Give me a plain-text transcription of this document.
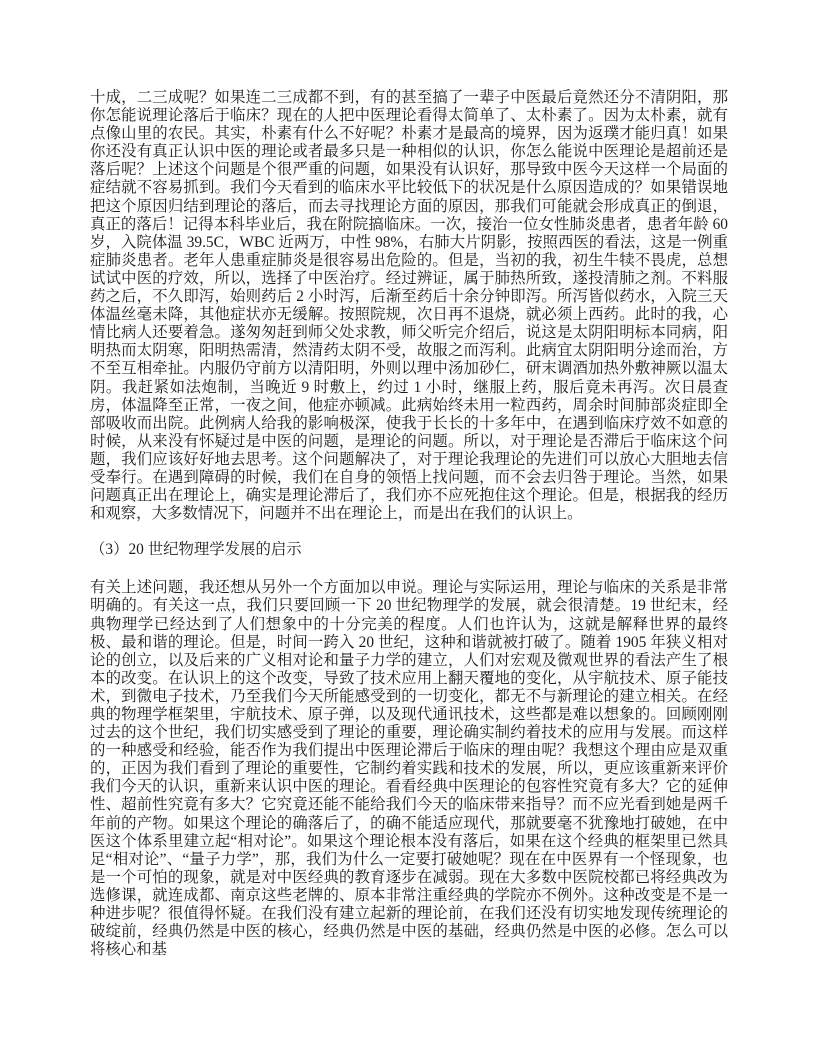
十成，二三成呢？如果连二三成都不到，有的甚至搞了一辈子中医最后竟然还分不清阴阳，那你怎能说理论落后于临床？现在的人把中医理论看得太简单了、太朴素了。因为太朴素，就有点像山里的农民。其实，朴素有什么不好呢？朴素才是最高的境界，因为返璞才能归真！如果你还没有真正认识中医的理论或者最多只是一种相似的认识，你怎么能说中医理论是超前还是落后呢？上述这个问题是个很严重的问题，如果没有认识好，那导致中医今天这样一个局面的症结就不容易抓到。我们今天看到的临床水平比较低下的状况是什么原因造成的？如果错误地把这个原因归结到理论的落后，而去寻找理论方面的原因，那我们可能就会形成真正的倒退，真正的落后！记得本科毕业后，我在附院搞临床。一次，接治一位女性肺炎患者，患者年龄 60 岁，入院体温 39.5C，WBC 近两万，中性 98%，右肺大片阴影，按照西医的看法，这是一例重症肺炎患者。老年人患重症肺炎是很容易出危险的。但是，当初的我，初生牛犊不畏虎，总想试试中医的疗效，所以，选择了中医治疗。经过辨证，属于肺热所致，遂投清肺之剂。不料服药之后，不久即泻，始则药后 2 小时泻，后渐至药后十余分钟即泻。所泻皆似药水，入院三天体温丝毫未降，其他症状亦无缓解。按照院规，次日再不退烧，就必须上西药。此时的我，心情比病人还要着急。遂匆匆赶到师父处求教，师父听完介绍后，说这是太阴阳明标本同病，阳明热而太阴寒，阳明热需清，然清药太阴不受，故服之而泻利。此病宜太阴阳明分途而治，方不至互相牵扯。内服仍守前方以清阳明，外则以理中汤加砂仁，研末调酒加热外敷神厥以温太阴。我赶紧如法炮制，当晚近 9 时敷上，约过 1 小时，继服上药，服后竟未再泻。次日晨查房，体温降至正常，一夜之间，他症亦顿减。此病始终未用一粒西药，周余时间肺部炎症即全部吸收而出院。此例病人给我的影响极深，使我于长长的十多年中，在遇到临床疗效不如意的时候，从来没有怀疑过是中医的问题，是理论的问题。所以，对于理论是否滞后于临床这个问题，我们应该好好地去思考。这个问题解决了，对于理论我理论的先进们可以放心大胆地去信受奉行。在遇到障碍的时候，我们在自身的领悟上找问题，而不会去归咎于理论。当然，如果问题真正出在理论上，确实是理论滞后了，我们亦不应死抱住这个理论。但是，根据我的经历和观察，大多数情况下，问题并不出在理论上，而是出在我们的认识上。

（3）20 世纪物理学发展的启示

有关上述问题，我还想从另外一个方面加以申说。理论与实际运用，理论与临床的关系是非常明确的。有关这一点，我们只要回顾一下 20 世纪物理学的发展，就会很清楚。19 世纪末，经典物理学已经达到了人们想象中的十分完美的程度。人们也许认为，这就是解释世界的最终极、最和谐的理论。但是，时间一跨入 20 世纪，这种和谐就被打破了。随着 1905 年狭义相对论的创立，以及后来的广义相对论和量子力学的建立，人们对宏观及微观世界的看法产生了根本的改变。在认识上的这个改变，导致了技术应用上翻天覆地的变化，从宇航技术、原子能技术，到微电子技术，乃至我们今天所能感受到的一切变化，都无不与新理论的建立相关。在经典的物理学框架里，宇航技术、原子弹，以及现代通讯技术，这些都是难以想象的。回顾刚刚过去的这个世纪，我们切实感受到了理论的重要，理论确实制约着技术的应用与发展。而这样的一种感受和经验，能否作为我们提出中医理论滞后于临床的理由呢？我想这个理由应是双重的，正因为我们看到了理论的重要性，它制约着实践和技术的发展，所以，更应该重新来评价我们今天的认识，重新来认识中医的理论。看看经典中医理论的包容性究竟有多大？它的延伸性、超前性究竟有多大？它究竟还能不能给我们今天的临床带来指导？而不应光看到她是两千年前的产物。如果这个理论的确落后了，的确不能适应现代，那就要毫不犹豫地打破她，在中医这个体系里建立起“相对论”。如果这个理论根本没有落后，如果在这个经典的框架里已然具足“相对论”、“量子力学”，那，我们为什么一定要打破她呢？现在在中医界有一个怪现象，也是一个可怕的现象，就是对中医经典的教育逐步在减弱。现在大多数中医院校都已将经典改为选修课，就连成都、南京这些老牌的、原本非常注重经典的学院亦不例外。这种改变是不是一种进步呢？很值得怀疑。在我们没有建立起新的理论前，在我们还没有切实地发现传统理论的破绽前，经典仍然是中医的核心，经典仍然是中医的基础，经典仍然是中医的必修。怎么可以将核心和基
